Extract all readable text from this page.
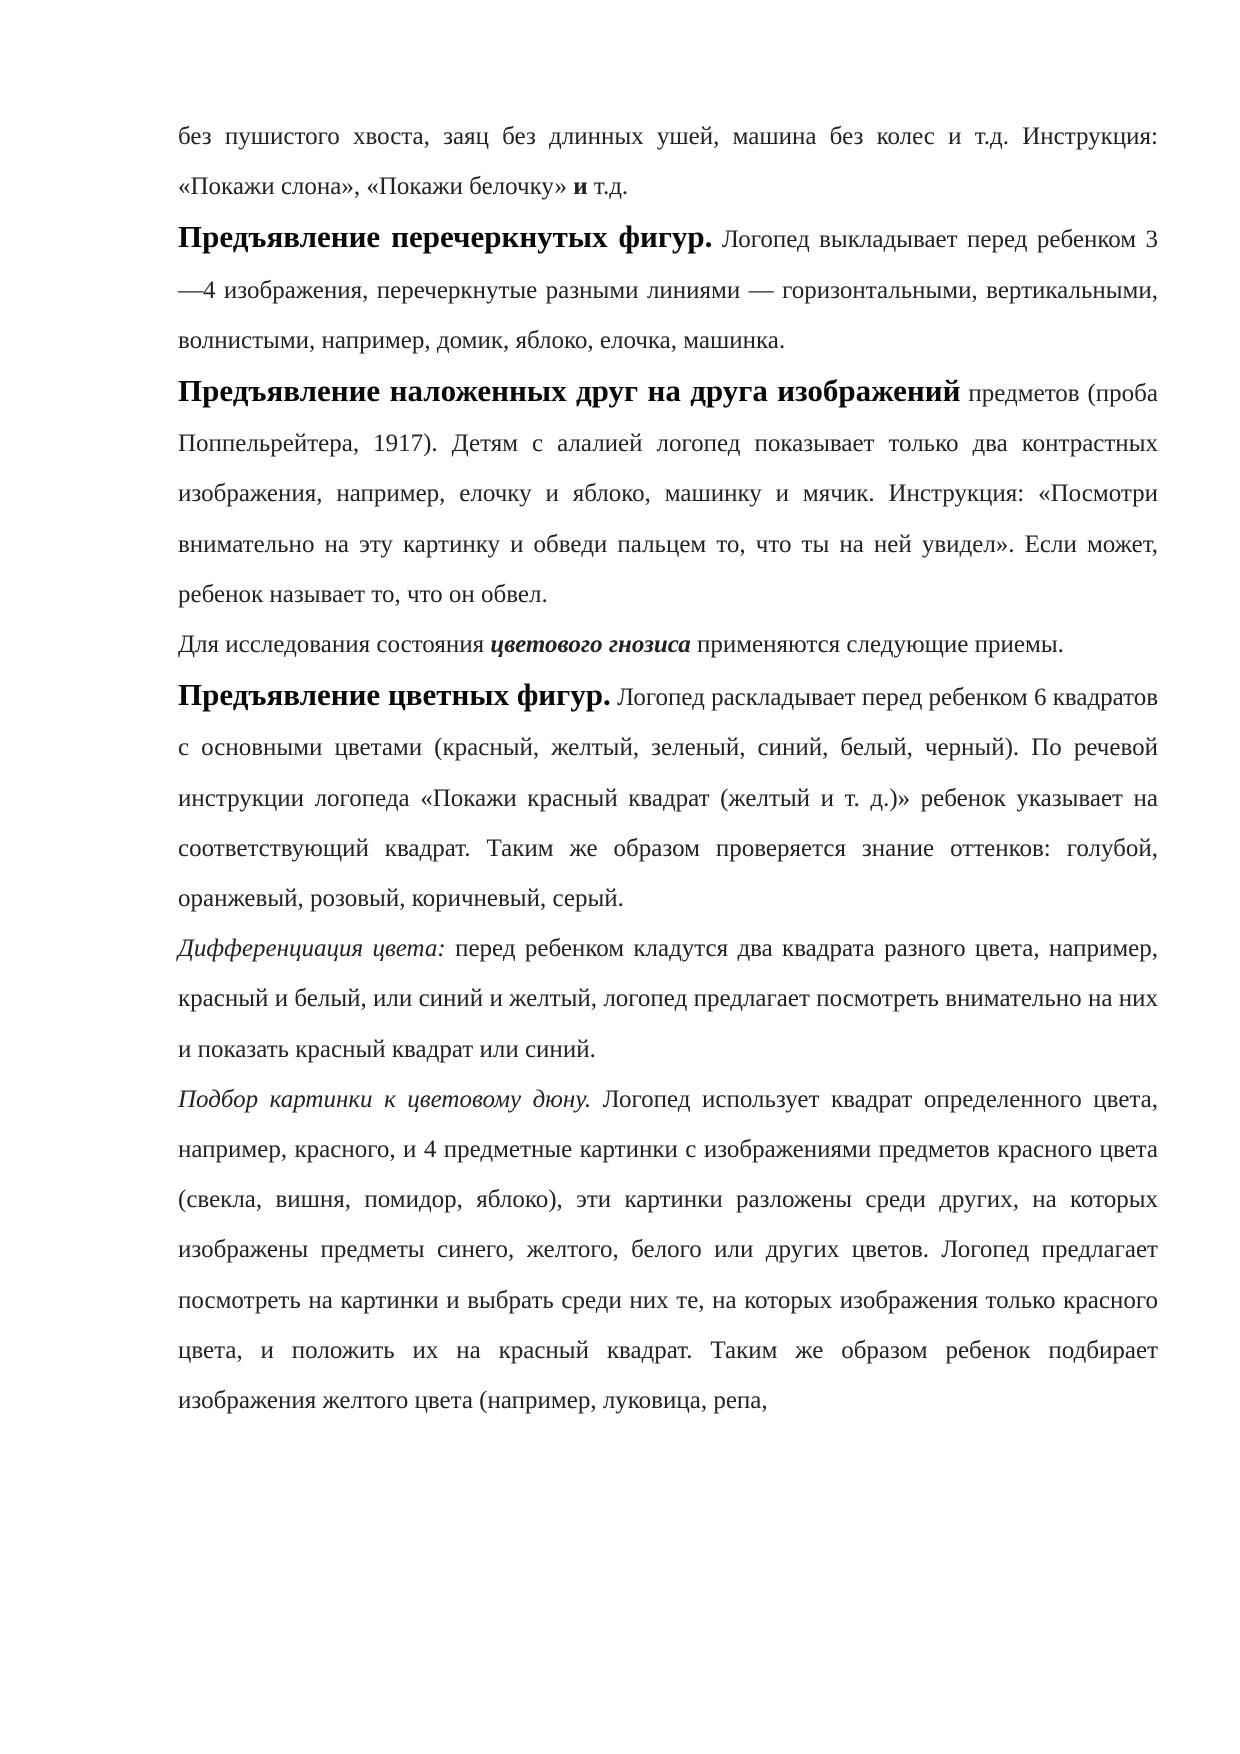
без пушистого хвоста, заяц без длинных ушей, машина без колес и т.д. Инструкция: «Покажи слона», «Покажи белочку» и т.д.

Предъявление перечеркнутых фигур. Логопед выкладывает перед ребенком 3—4 изображения, перечеркнутые разными линиями — горизонтальными, вертикальными, волнистыми, например, домик, яблоко, елочка, машинка.

Предъявление наложенных друг на друга изображений предметов (проба Поппельрейтера, 1917). Детям с алалией логопед показывает только два контрастных изображения, например, елочку и яблоко, машинку и мячик. Инструкция: «Посмотри внимательно на эту картинку и обведи пальцем то, что ты на ней увидел». Если может, ребенок называет то, что он обвел.

Для исследования состояния цветового гнозиса применяются следующие приемы.

Предъявление цветных фигур. Логопед раскладывает перед ребенком 6 квадратов с основными цветами (красный, желтый, зеленый, синий, белый, черный). По речевой инструкции логопеда «Покажи красный квадрат (желтый и т. д.)» ребенок указывает на соответствующий квадрат. Таким же образом проверяется знание оттенков: голубой, оранжевый, розовый, коричневый, серый.

Дифференциация цвета: перед ребенком кладутся два квадрата разного цвета, например, красный и белый, или синий и желтый, логопед предлагает посмотреть внимательно на них и показать красный квадрат или синий.

Подбор картинки к цветовому дюну. Логопед использует квадрат определенного цвета, например, красного, и 4 предметные картинки с изображениями предметов красного цвета (свекла, вишня, помидор, яблоко), эти картинки разложены среди других, на которых изображены предметы синего, желтого, белого или других цветов. Логопед предлагает посмотреть на картинки и выбрать среди них те, на которых изображения только красного цвета, и положить их на красный квадрат. Таким же образом ребенок подбирает изображения желтого цвета (например, луковица, репа,
